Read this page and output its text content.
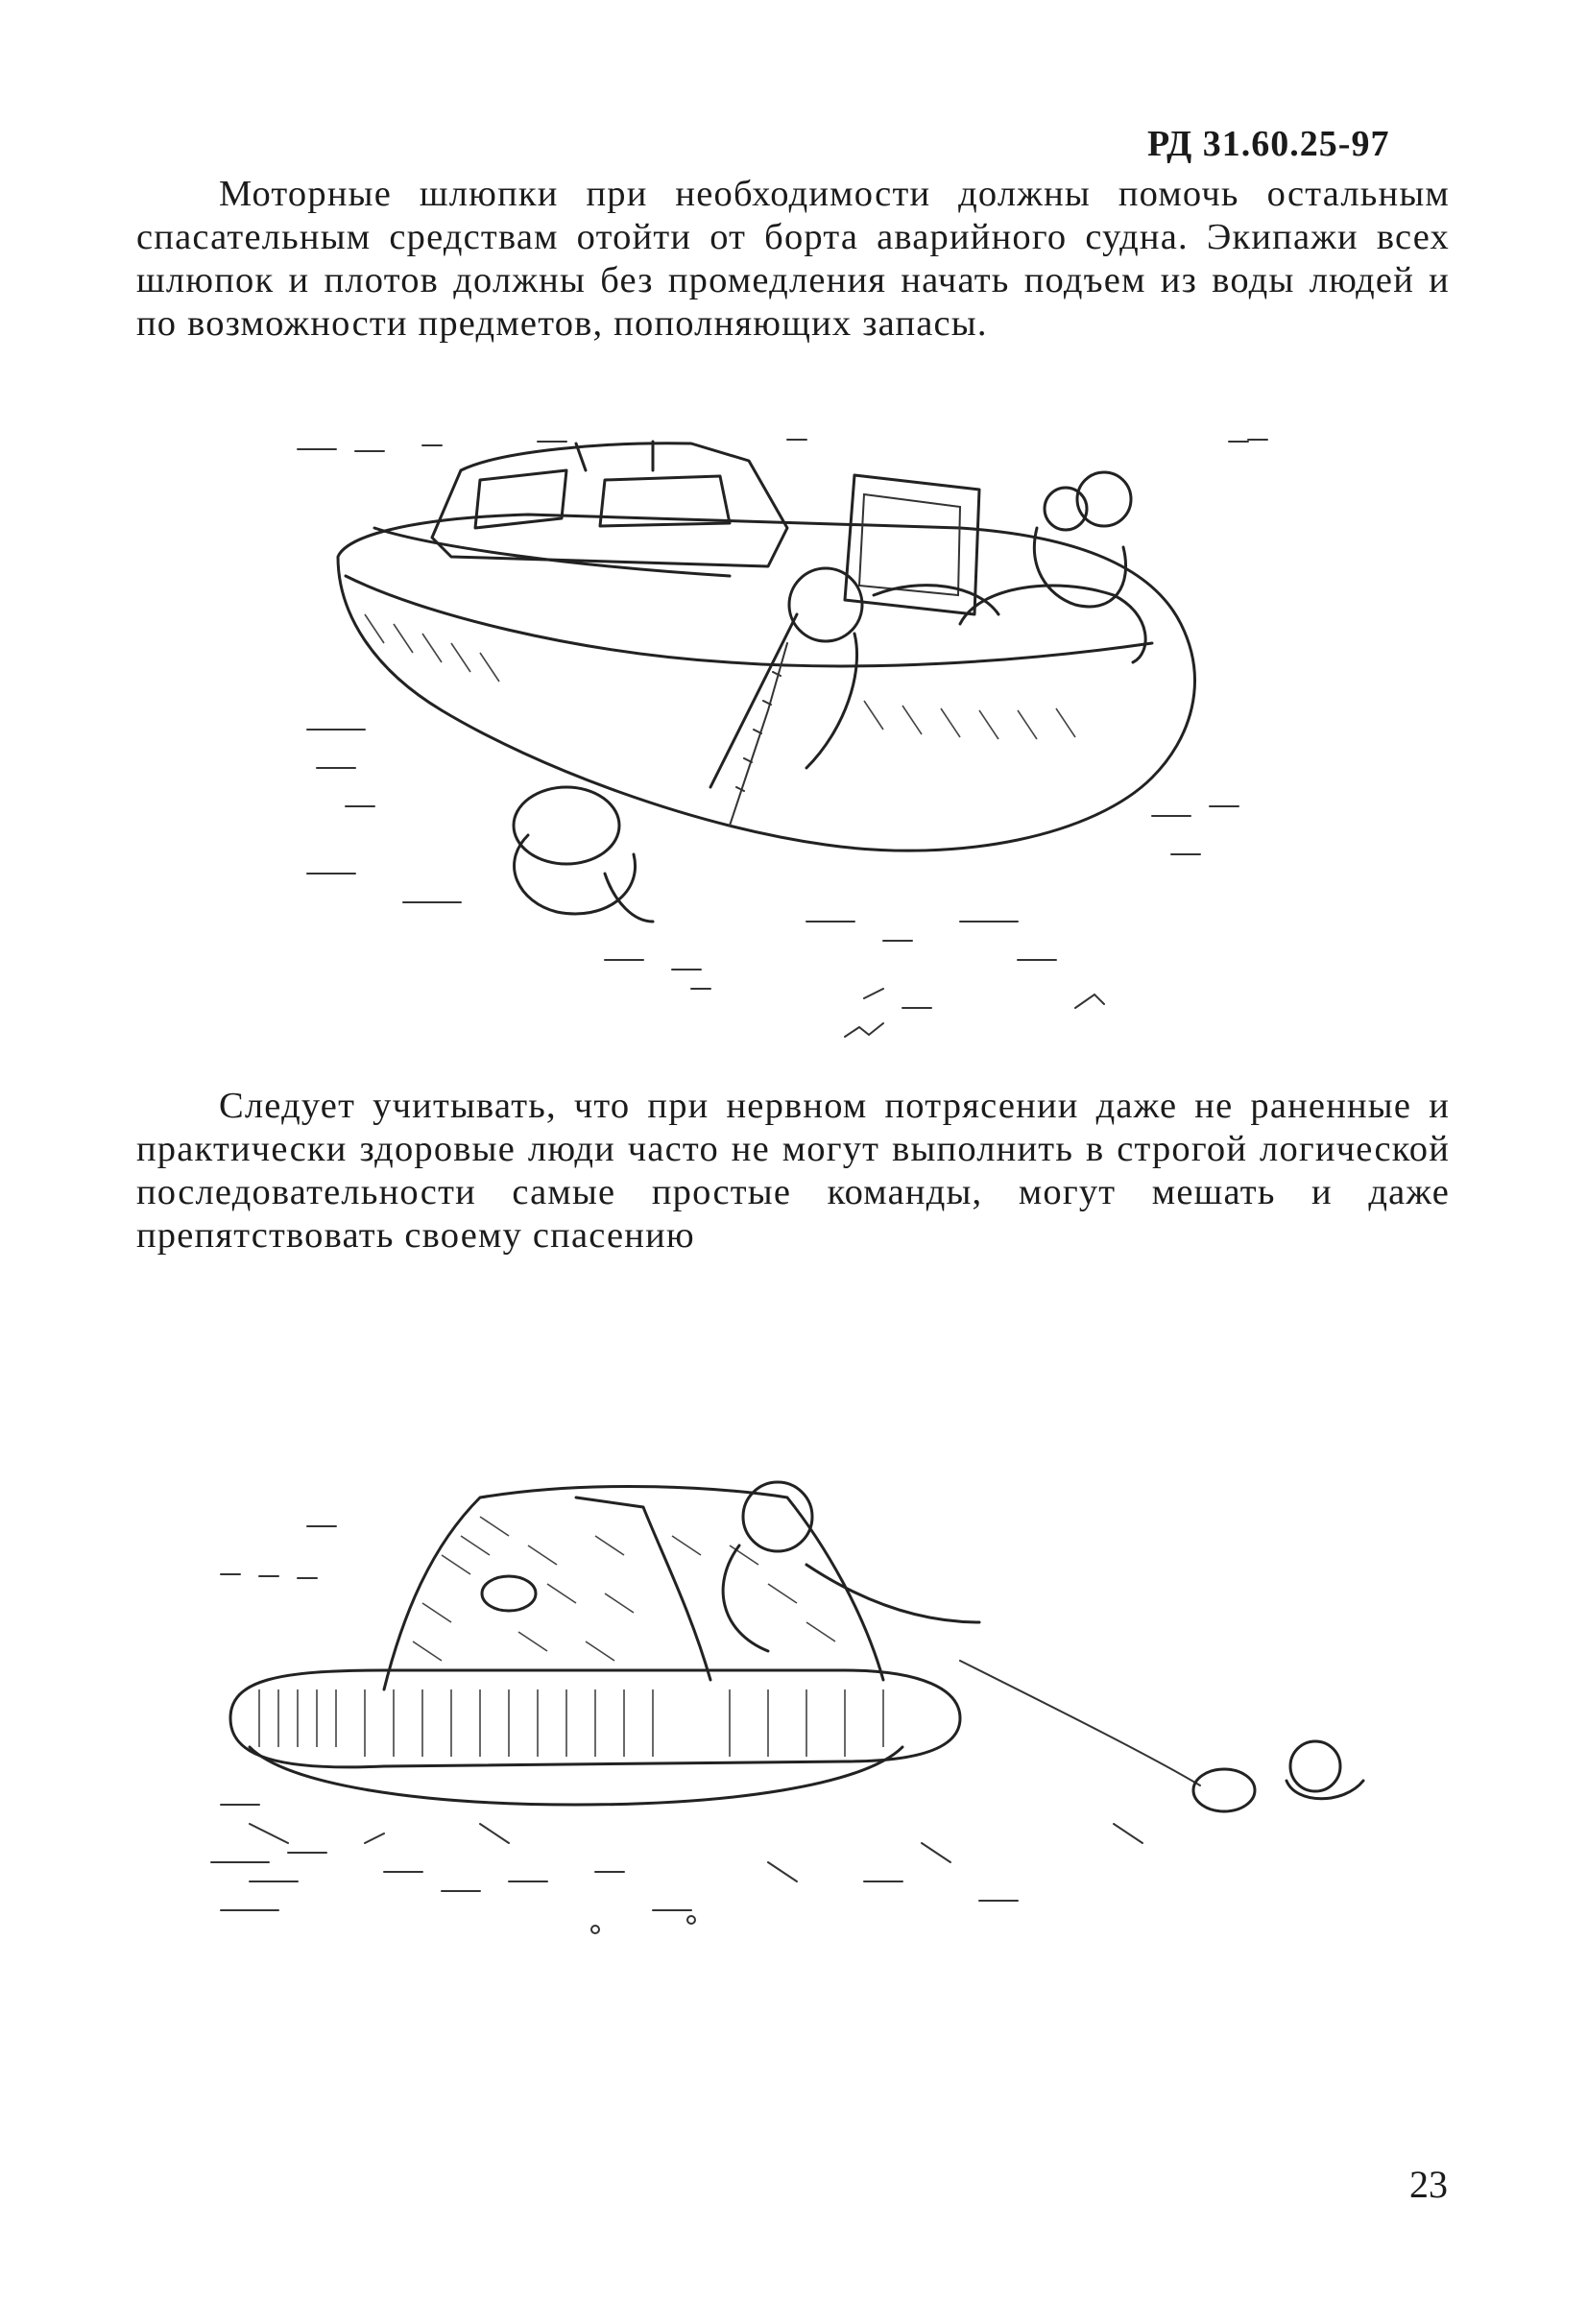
РД 31.60.25-97

Моторные шлюпки при необходимости должны помочь остальным спасательным средствам отойти от борта аварийного судна. Экипажи всех шлюпок и плотов должны без промедления начать подъем из воды людей и по возможности предметов, пополняющих запасы.

Следует учитывать, что при нервном потрясении даже не раненные и практически здоровые люди часто не могут выполнить в строгой логической последовательности самые простые команды, могут мешать и даже препятствовать своему спасению

23
